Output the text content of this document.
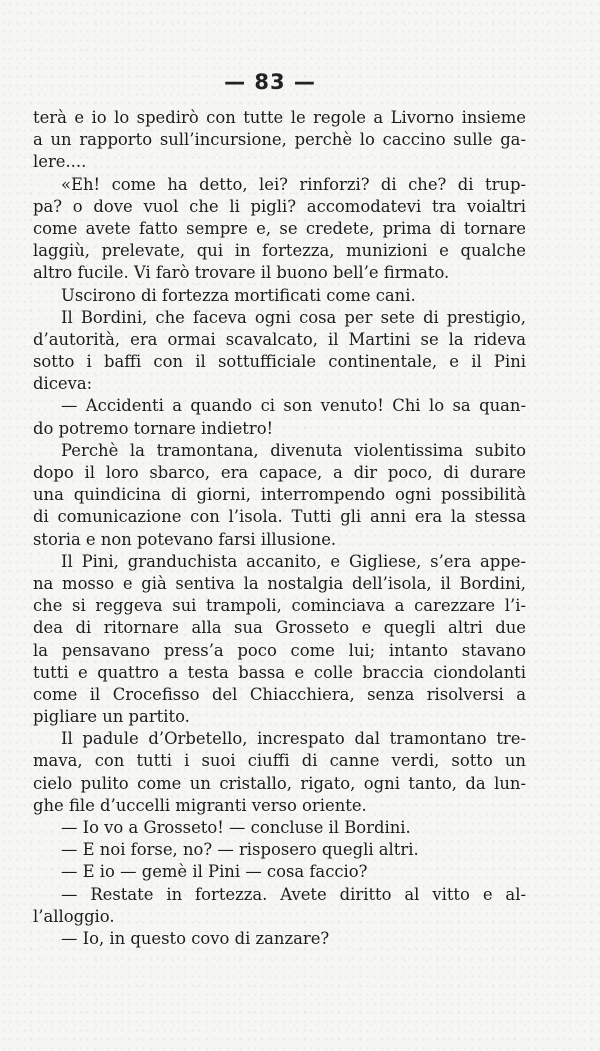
— 83 —
terà e io lo spedirò con tutte le regole a Livorno insieme
a un rapporto sull’incursione, perchè lo caccino sulle ga-
lere....
«Eh! come ha detto, lei? rinforzi? di che? di trup-
pa? o dove vuol che li pigli? accomodatevi tra voialtri
come avete fatto sempre e, se credete, prima di tornare
laggiù, prelevate, qui in fortezza, munizioni e qualche
altro fucile. Vi farò trovare il buono bell’e firmato.
Uscirono di fortezza mortificati come cani.
Il Bordini, che faceva ogni cosa per sete di prestigio,
d’autorità, era ormai scavalcato, il Martini se la rideva
sotto i baffi con il sottufficiale continentale, e il Pini
diceva:
— Accidenti a quando ci son venuto! Chi lo sa quan-
do potremo tornare indietro!
Perchè la tramontana, divenuta violentissima subito
dopo il loro sbarco, era capace, a dir poco, di durare
una quindicina di giorni, interrompendo ogni possibilità
di comunicazione con l’isola. Tutti gli anni era la stessa
storia e non potevano farsi illusione.
Il Pini, granduchista accanito, e Gigliese, s’era appe-
na mosso e già sentiva la nostalgia dell’isola, il Bordini,
che si reggeva sui trampoli, cominciava a carezzare l’i-
dea di ritornare alla sua Grosseto e quegli altri due
la pensavano press’a poco come lui; intanto stavano
tutti e quattro a testa bassa e colle braccia ciondolanti
come il Crocefisso del Chiacchiera, senza risolversi a
pigliare un partito.
Il padule d’Orbetello, increspato dal tramontano tre-
mava, con tutti i suoi ciuffi di canne verdi, sotto un
cielo pulito come un cristallo, rigato, ogni tanto, da lun-
ghe file d’uccelli migranti verso oriente.
— Io vo a Grosseto! — concluse il Bordini.
— E noi forse, no? — risposero quegli altri.
— E io — gemè il Pini — cosa faccio?
— Restate in fortezza. Avete diritto al vitto e al-
l’alloggio.
— Io, in questo covo di zanzare?
